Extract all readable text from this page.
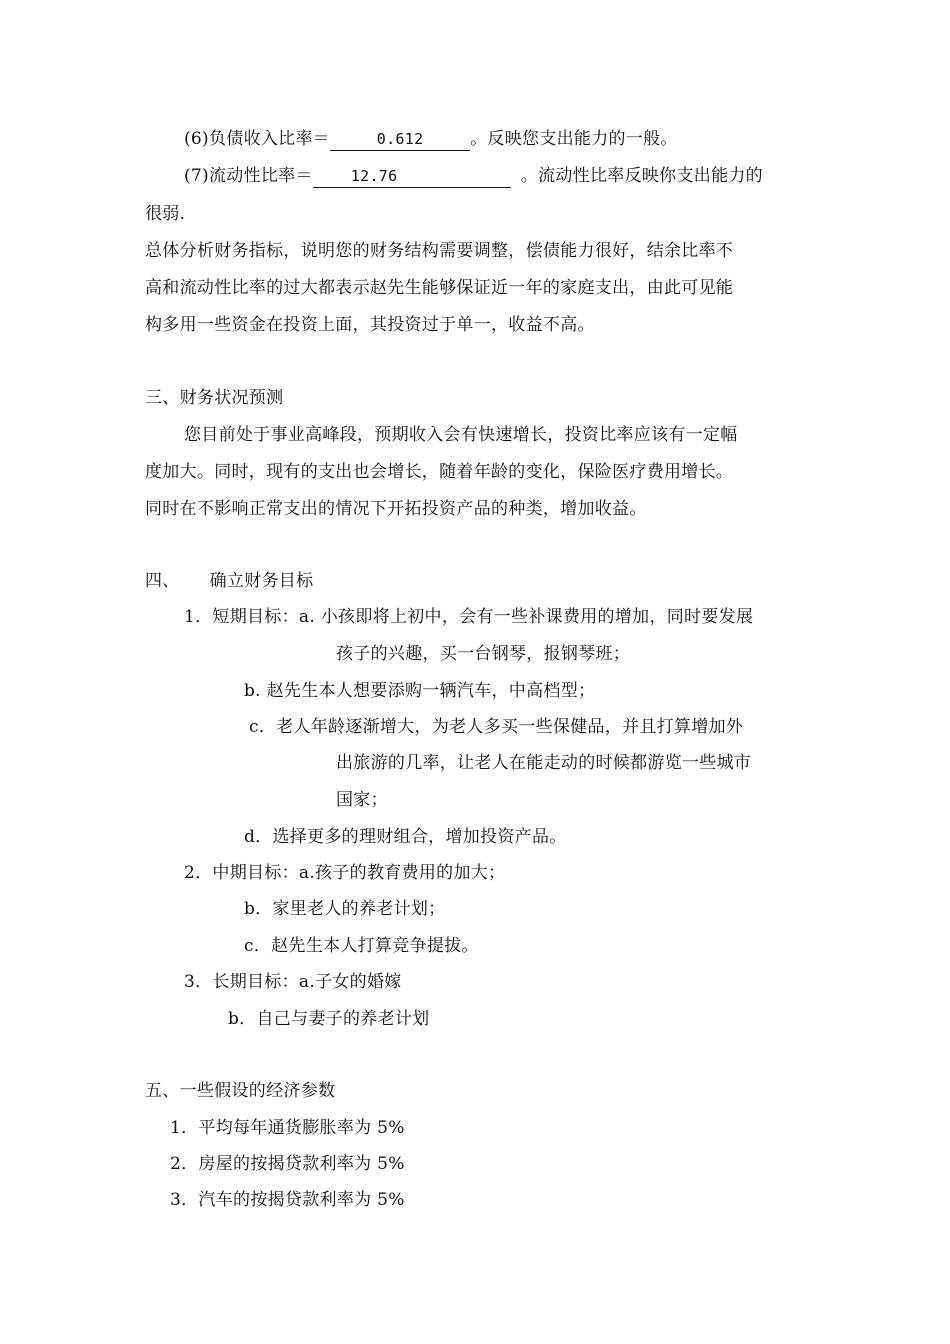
(6)负债收入比率＝	0.612	。反映您支出能力的一般。
(7)流动性比率＝	12.76	。流动性比率反映你支出能力的
很弱.
总体分析财务指标，说明您的财务结构需要调整，偿债能力很好，结余比率不
高和流动性比率的过大都表示赵先生能够保证近一年的家庭支出，由此可见能
构多用一些资金在投资上面，其投资过于单一，收益不高。
三、财务状况预测
您目前处于事业高峰段，预期收入会有快速增长，投资比率应该有一定幅
度加大。同时，现有的支出也会增长，随着年龄的变化，保险医疗费用增长。
同时在不影响正常支出的情况下开拓投资产品的种类，增加收益。
四、 确立财务目标
1．短期目标：a. 小孩即将上初中，会有一些补课费用的增加，同时要发展
孩子的兴趣，买一台钢琴，报钢琴班；
b. 赵先生本人想要添购一辆汽车，中高档型；
c．老人年龄逐渐增大，为老人多买一些保健品，并且打算增加外
出旅游的几率，让老人在能走动的时候都游览一些城市
国家；
d．选择更多的理财组合，增加投资产品。
2．中期目标：a.孩子的教育费用的加大；
b．家里老人的养老计划；
c．赵先生本人打算竞争提拔。
3．长期目标：a.子女的婚嫁
b．自己与妻子的养老计划
五、一些假设的经济参数
1．平均每年通货膨胀率为 5%
2．房屋的按揭贷款利率为 5%
3．汽车的按揭贷款利率为 5%
